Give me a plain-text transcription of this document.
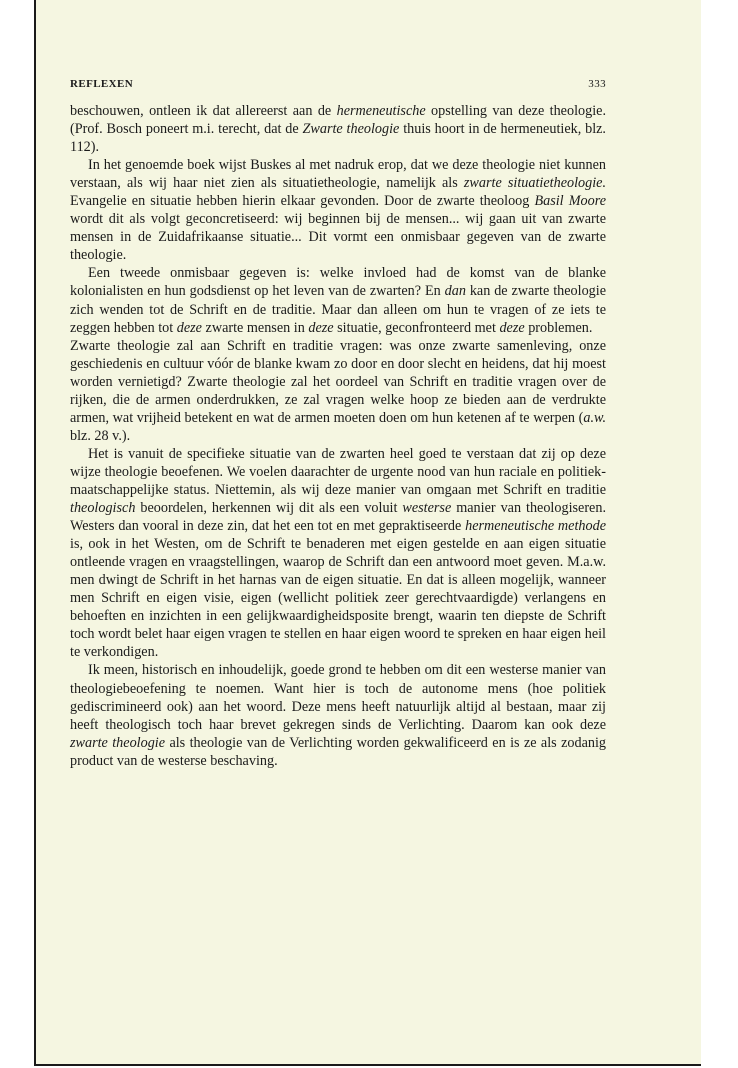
REFLEXEN	333

beschouwen, ontleen ik dat allereerst aan de hermeneutische opstelling van deze theologie. (Prof. Bosch poneert m.i. terecht, dat de Zwarte theologie thuis hoort in de hermeneutiek, blz. 112).

In het genoemde boek wijst Buskes al met nadruk erop, dat we deze theologie niet kunnen verstaan, als wij haar niet zien als situatietheologie, namelijk als zwarte situatietheologie. Evangelie en situatie hebben hierin elkaar gevonden. Door de zwarte theoloog Basil Moore wordt dit als volgt geconcretiseerd: wij beginnen bij de mensen... wij gaan uit van zwarte mensen in de Zuidafrikaanse situatie... Dit vormt een onmisbaar gegeven van de zwarte theologie.

Een tweede onmisbaar gegeven is: welke invloed had de komst van de blanke kolonialisten en hun godsdienst op het leven van de zwarten? En dan kan de zwarte theologie zich wenden tot de Schrift en de traditie. Maar dan alleen om hun te vragen of ze iets te zeggen hebben tot deze zwarte mensen in deze situatie, geconfronteerd met deze problemen.

Zwarte theologie zal aan Schrift en traditie vragen: was onze zwarte samenleving, onze geschiedenis en cultuur vóór de blanke kwam zo door en door slecht en heidens, dat hij moest worden vernietigd? Zwarte theologie zal het oordeel van Schrift en traditie vragen over de rijken, die de armen onderdrukken, ze zal vragen welke hoop ze bieden aan de verdrukte armen, wat vrijheid betekent en wat de armen moeten doen om hun ketenen af te werpen (a.w. blz. 28 v.).

Het is vanuit de specifieke situatie van de zwarten heel goed te verstaan dat zij op deze wijze theologie beoefenen. We voelen daarachter de urgente nood van hun raciale en politiek-maatschappelijke status. Niettemin, als wij deze manier van omgaan met Schrift en traditie theologisch beoordelen, herkennen wij dit als een voluit westerse manier van theologiseren. Westers dan vooral in deze zin, dat het een tot en met gepraktiseerde hermeneutische methode is, ook in het Westen, om de Schrift te benaderen met eigen gestelde en aan eigen situatie ontleende vragen en vraagstellingen, waarop de Schrift dan een antwoord moet geven. M.a.w. men dwingt de Schrift in het harnas van de eigen situatie. En dat is alleen mogelijk, wanneer men Schrift en eigen visie, eigen (wellicht politiek zeer gerechtvaardigde) verlangens en behoeften en inzichten in een gelijkwaardigheidsposite brengt, waarin ten diepste de Schrift toch wordt belet haar eigen vragen te stellen en haar eigen woord te spreken en haar eigen heil te verkondigen.

Ik meen, historisch en inhoudelijk, goede grond te hebben om dit een westerse manier van theologiebeoefening te noemen. Want hier is toch de autonome mens (hoe politiek gediscrimineerd ook) aan het woord. Deze mens heeft natuurlijk altijd al bestaan, maar zij heeft theologisch toch haar brevet gekregen sinds de Verlichting. Daarom kan ook deze zwarte theologie als theologie van de Verlichting worden gekwalificeerd en is ze als zodanig product van de westerse beschaving.
